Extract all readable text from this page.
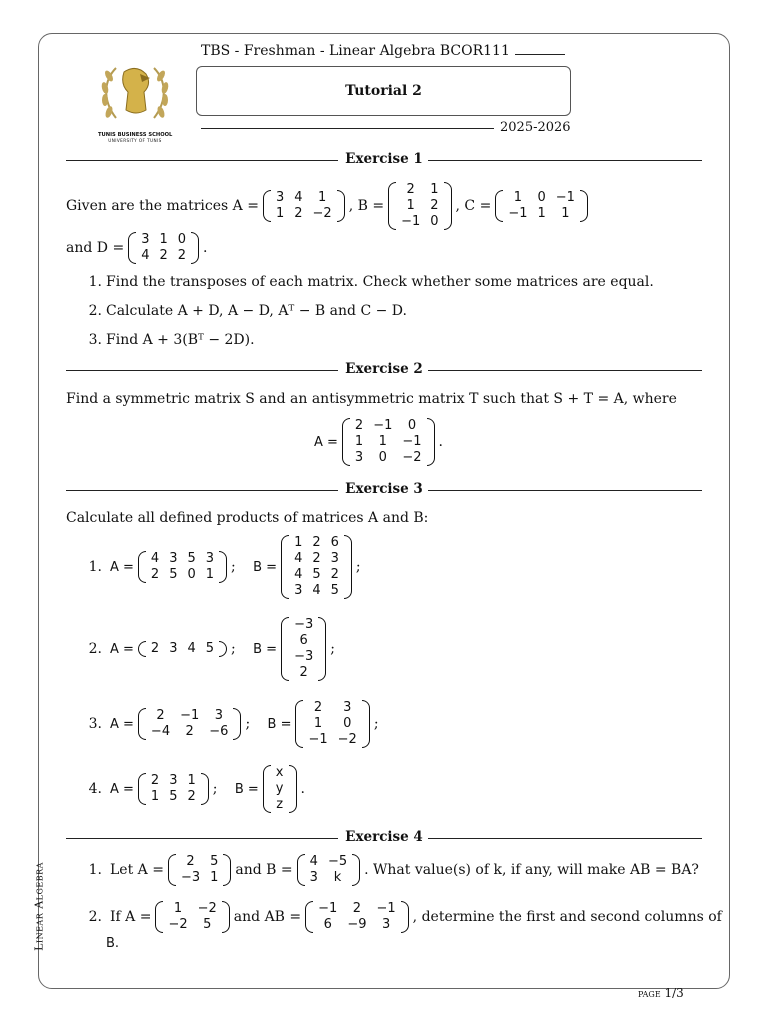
TBS - Freshman - Linear Algebra BCOR111
Tutorial 2
2025-2026
TUNIS BUSINESS SCHOOL
UNIVERSITY OF TUNIS
Linear Algebra
Exercise 1
Given are the matrices A =
3	4	1
1	2	−2 , B =
2	1
1	2
−1	0
, C =
1	0	−1
−1	1	1
and D =
3	1	0
4	2	2 .
1. Find the transposes of each matrix. Check whether some matrices are equal.
2. Calculate A + D, A − D, Aᵀ − B and C − D.
3. Find A + 3(Bᵀ − 2D).
Exercise 2
Find a symmetric matrix S and an antisymmetric matrix T such that S + T = A, where
A =
2	−1	0
1	1	−1
3	0	−2
.
Exercise 3
Calculate all defined products of matrices A and B:
1. A =
4	3	5	3
2	5	0	1 ; B =
1	2	6
4	2	3
4	5	2
3	4	5
;
2. A = 2	3	4	5 ; B =
−3
6
−3
2
;
3. A =
2	−1	3
−4	2	−6 ; B =
2	3
1	0
−1	−2
;
4. A =
2	3	1
1	5	2 ; B =
x
y
z
.
Exercise 4
1. Let A =
2	5
−3	1 and B =
4	−5
3	k . What value(s) of k, if any, will make AB = BA?
2. If A =
1	−2
−2	5 and AB =
−1	2	−1
6	−9	3 , determine the first and second columns of
B.
page 1/3
